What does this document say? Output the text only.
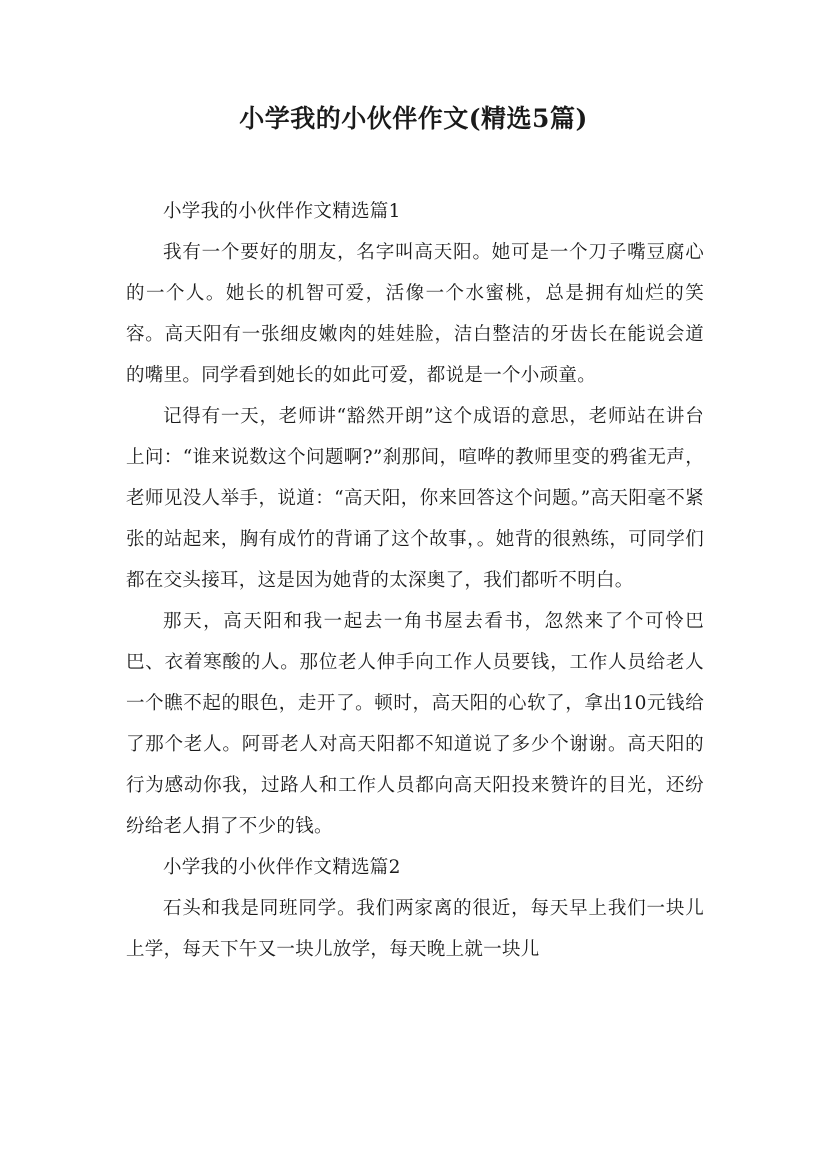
小学我的小伙伴作文(精选5篇)

小学我的小伙伴作文精选篇1

我有一个要好的朋友，名字叫高天阳。她可是一个刀子嘴豆腐心的一个人。她长的机智可爱，活像一个水蜜桃，总是拥有灿烂的笑容。高天阳有一张细皮嫩肉的娃娃脸，洁白整洁的牙齿长在能说会道的嘴里。同学看到她长的如此可爱，都说是一个小顽童。

记得有一天，老师讲“豁然开朗”这个成语的意思，老师站在讲台上问：“谁来说数这个问题啊?”刹那间，喧哗的教师里变的鸦雀无声，老师见没人举手，说道：“高天阳，你来回答这个问题。”高天阳毫不紧张的站起来，胸有成竹的背诵了这个故事，。她背的很熟练，可同学们都在交头接耳，这是因为她背的太深奥了，我们都听不明白。

那天，高天阳和我一起去一角书屋去看书，忽然来了个可怜巴巴、衣着寒酸的人。那位老人伸手向工作人员要钱，工作人员给老人一个瞧不起的眼色，走开了。顿时，高天阳的心软了，拿出10元钱给了那个老人。阿哥老人对高天阳都不知道说了多少个谢谢。高天阳的行为感动你我，过路人和工作人员都向高天阳投来赞许的目光，还纷纷给老人捐了不少的钱。

小学我的小伙伴作文精选篇2

石头和我是同班同学。我们两家离的很近，每天早上我们一块儿上学，每天下午又一块儿放学，每天晚上就一块儿
